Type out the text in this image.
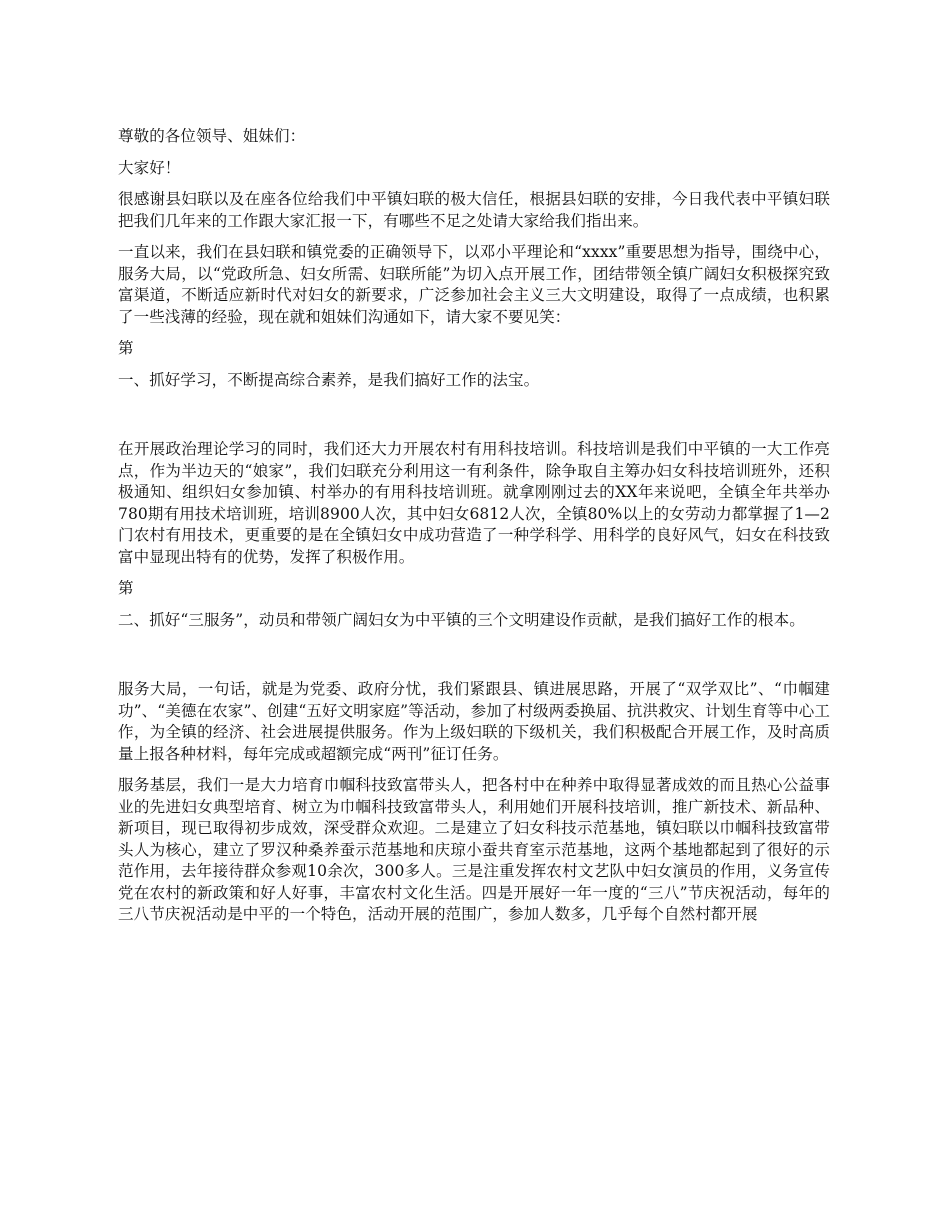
尊敬的各位领导、姐妹们：

大家好！

很感谢县妇联以及在座各位给我们中平镇妇联的极大信任，根据县妇联的安排，今日我代表中平镇妇联把我们几年来的工作跟大家汇报一下，有哪些不足之处请大家给我们指出来。

一直以来，我们在县妇联和镇党委的正确领导下，以邓小平理论和“xxxx”重要思想为指导，围绕中心，服务大局，以“党政所急、妇女所需、妇联所能”为切入点开展工作，团结带领全镇广阔妇女积极探究致富渠道，不断适应新时代对妇女的新要求，广泛参加社会主义三大文明建设，取得了一点成绩，也积累了一些浅薄的经验，现在就和姐妹们沟通如下，请大家不要见笑：

第

一、抓好学习，不断提高综合素养，是我们搞好工作的法宝。

在开展政治理论学习的同时，我们还大力开展农村有用科技培训。科技培训是我们中平镇的一大工作亮点，作为半边天的“娘家”，我们妇联充分利用这一有利条件，除争取自主筹办妇女科技培训班外，还积极通知、组织妇女参加镇、村举办的有用科技培训班。就拿刚刚过去的XX年来说吧，全镇全年共举办780期有用技术培训班，培训8900人次，其中妇女6812人次，全镇80%以上的女劳动力都掌握了1—2门农村有用技术，更重要的是在全镇妇女中成功营造了一种学科学、用科学的良好风气，妇女在科技致富中显现出特有的优势，发挥了积极作用。

第

二、抓好“三服务”，动员和带领广阔妇女为中平镇的三个文明建设作贡献，是我们搞好工作的根本。

服务大局，一句话，就是为党委、政府分忧，我们紧跟县、镇进展思路，开展了“双学双比”、“巾帼建功”、“美德在农家”、创建“五好文明家庭”等活动，参加了村级两委换届、抗洪救灾、计划生育等中心工作，为全镇的经济、社会进展提供服务。作为上级妇联的下级机关，我们积极配合开展工作，及时高质量上报各种材料，每年完成或超额完成“两刊”征订任务。

服务基层，我们一是大力培育巾帼科技致富带头人，把各村中在种养中取得显著成效的而且热心公益事业的先进妇女典型培育、树立为巾帼科技致富带头人，利用她们开展科技培训，推广新技术、新品种、新项目，现已取得初步成效，深受群众欢迎。二是建立了妇女科技示范基地，镇妇联以巾帼科技致富带头人为核心，建立了罗汉种桑养蚕示范基地和庆琼小蚕共育室示范基地，这两个基地都起到了很好的示范作用，去年接待群众参观10余次，300多人。三是注重发挥农村文艺队中妇女演员的作用，义务宣传党在农村的新政策和好人好事，丰富农村文化生活。四是开展好一年一度的“三八”节庆祝活动，每年的三八节庆祝活动是中平的一个特色，活动开展的范围广，参加人数多，几乎每个自然村都开展
